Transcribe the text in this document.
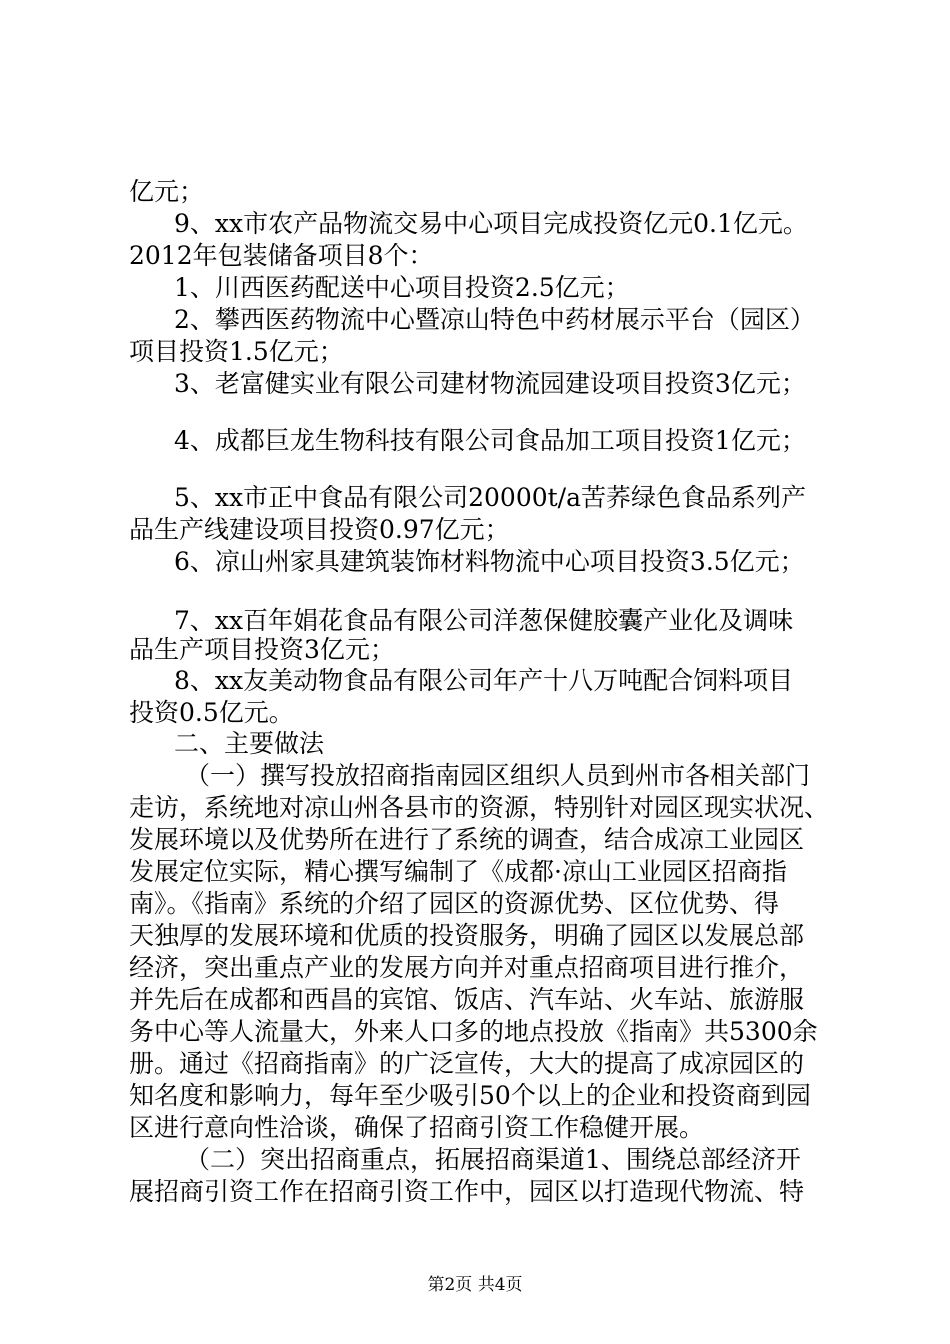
亿元；
9、xx市农产品物流交易中心项目完成投资亿元0.1亿元。
2012年包装储备项目8个：
1、川西医药配送中心项目投资2.5亿元；
2、攀西医药物流中心暨凉山特色中药材展示平台（园区）
项目投资1.5亿元；
3、老富健实业有限公司建材物流园建设项目投资3亿元；
4、成都巨龙生物科技有限公司食品加工项目投资1亿元；
5、xx市正中食品有限公司20000t/a苦荞绿色食品系列产
品生产线建设项目投资0.97亿元；
6、凉山州家具建筑装饰材料物流中心项目投资3.5亿元；
7、xx百年娟花食品有限公司洋葱保健胶囊产业化及调味
品生产项目投资3亿元；
8、xx友美动物食品有限公司年产十八万吨配合饲料项目
投资0.5亿元。
二、主要做法
（一）撰写投放招商指南园区组织人员到州市各相关部门
走访，系统地对凉山州各县市的资源，特别针对园区现实状况、
发展环境以及优势所在进行了系统的调查，结合成凉工业园区
发展定位实际，精心撰写编制了《成都·凉山工业园区招商指
南》。《指南》系统的介绍了园区的资源优势、区位优势、得
天独厚的发展环境和优质的投资服务，明确了园区以发展总部
经济，突出重点产业的发展方向并对重点招商项目进行推介，
并先后在成都和西昌的宾馆、饭店、汽车站、火车站、旅游服
务中心等人流量大，外来人口多的地点投放《指南》共5300余
册。通过《招商指南》的广泛宣传，大大的提高了成凉园区的
知名度和影响力，每年至少吸引50个以上的企业和投资商到园
区进行意向性洽谈，确保了招商引资工作稳健开展。
（二）突出招商重点，拓展招商渠道1、围绕总部经济开
展招商引资工作在招商引资工作中，园区以打造现代物流、特
第2页 共4页
